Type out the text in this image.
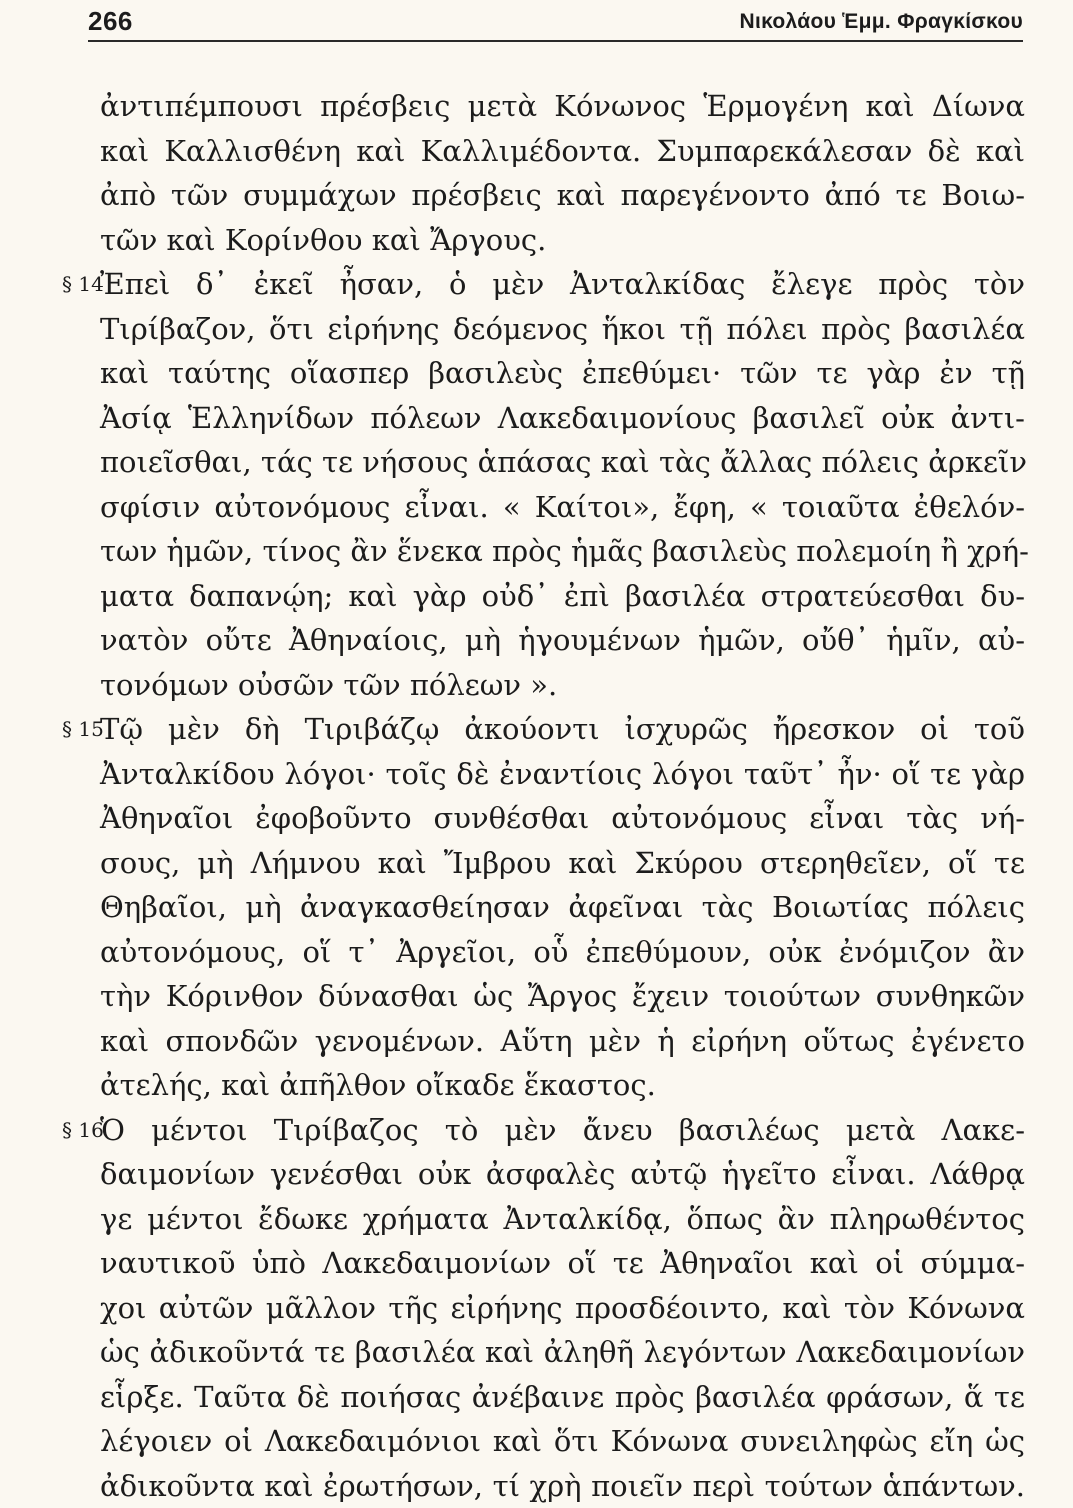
266	Νικολάου Ἑμμ. Φραγκίσκου
ἀντιπέμπουσι πρέσβεις μετὰ Κόνωνος Ἑρμογένη καὶ Δίωνα
καὶ Καλλισθένη καὶ Καλλιμέδοντα. Συμπαρεκάλεσαν δὲ καὶ
ἀπὸ τῶν συμμάχων πρέσβεις καὶ παρεγένοντο ἀπό τε Βοιω-
τῶν καὶ Κορίνθου καὶ Ἄργους.
Ἐπεὶ δ᾽ ἐκεῖ ἦσαν, ὁ μὲν Ἀνταλκίδας ἔλεγε πρὸς τὸν
§ 14
Τιρίβαζον, ὅτι εἰρήνης δεόμενος ἥκοι τῇ πόλει πρὸς βασιλέα
καὶ ταύτης οἵασπερ βασιλεὺς ἐπεθύμει· τῶν τε γὰρ ἐν τῇ
Ἀσίᾳ Ἑλληνίδων πόλεων Λακεδαιμονίους βασιλεῖ οὐκ ἀντι-
ποιεῖσθαι, τάς τε νήσους ἁπάσας καὶ τὰς ἄλλας πόλεις ἀρκεῖν
σφίσιν αὐτονόμους εἶναι. « Καίτοι», ἔφη, « τοιαῦτα ἐθελόν-
των ἡμῶν, τίνος ἂν ἕνεκα πρὸς ἡμᾶς βασιλεὺς πολεμοίη ἢ χρή-
ματα δαπανῴη; καὶ γὰρ οὐδ᾽ ἐπὶ βασιλέα στρατεύεσθαι δυ-
νατὸν οὔτε Ἀθηναίοις, μὴ ἡγουμένων ἡμῶν, οὔθ᾽ ἡμῖν, αὐ-
τονόμων οὐσῶν τῶν πόλεων ».
Τῷ μὲν δὴ Τιριβάζῳ ἀκούοντι ἰσχυρῶς ἤρεσκον οἱ τοῦ
§ 15
Ἀνταλκίδου λόγοι· τοῖς δὲ ἐναντίοις λόγοι ταῦτ᾽ ἦν· οἵ τε γὰρ
Ἀθηναῖοι ἐφοβοῦντο συνθέσθαι αὐτονόμους εἶναι τὰς νή-
σους, μὴ Λήμνου καὶ Ἴμβρου καὶ Σκύρου στερηθεῖεν, οἵ τε
Θηβαῖοι, μὴ ἀναγκασθείησαν ἀφεῖναι τὰς Βοιωτίας πόλεις
αὐτονόμους, οἵ τ᾽ Ἀργεῖοι, οὗ ἐπεθύμουν, οὐκ ἐνόμιζον ἂν
τὴν Κόρινθον δύνασθαι ὡς Ἄργος ἔχειν τοιούτων συνθηκῶν
καὶ σπονδῶν γενομένων. Αὕτη μὲν ἡ εἰρήνη οὕτως ἐγένετο
ἀτελής, καὶ ἀπῆλθον οἴκαδε ἕκαστος.
Ὁ μέντοι Τιρίβαζος τὸ μὲν ἄνευ βασιλέως μετὰ Λακε-
§ 16
δαιμονίων γενέσθαι οὐκ ἀσφαλὲς αὐτῷ ἡγεῖτο εἶναι. Λάθρᾳ
γε μέντοι ἔδωκε χρήματα Ἀνταλκίδᾳ, ὅπως ἂν πληρωθέντος
ναυτικοῦ ὑπὸ Λακεδαιμονίων οἵ τε Ἀθηναῖοι καὶ οἱ σύμμα-
χοι αὐτῶν μᾶλλον τῆς εἰρήνης προσδέοιντο, καὶ τὸν Κόνωνα
ὡς ἀδικοῦντά τε βασιλέα καὶ ἀληθῆ λεγόντων Λακεδαιμονίων
εἷρξε. Ταῦτα δὲ ποιήσας ἀνέβαινε πρὸς βασιλέα φράσων, ἅ τε
λέγοιεν οἱ Λακεδαιμόνιοι καὶ ὅτι Κόνωνα συνειληφὼς εἴη ὡς
ἀδικοῦντα καὶ ἐρωτήσων, τί χρὴ ποιεῖν περὶ τούτων ἁπάντων.
